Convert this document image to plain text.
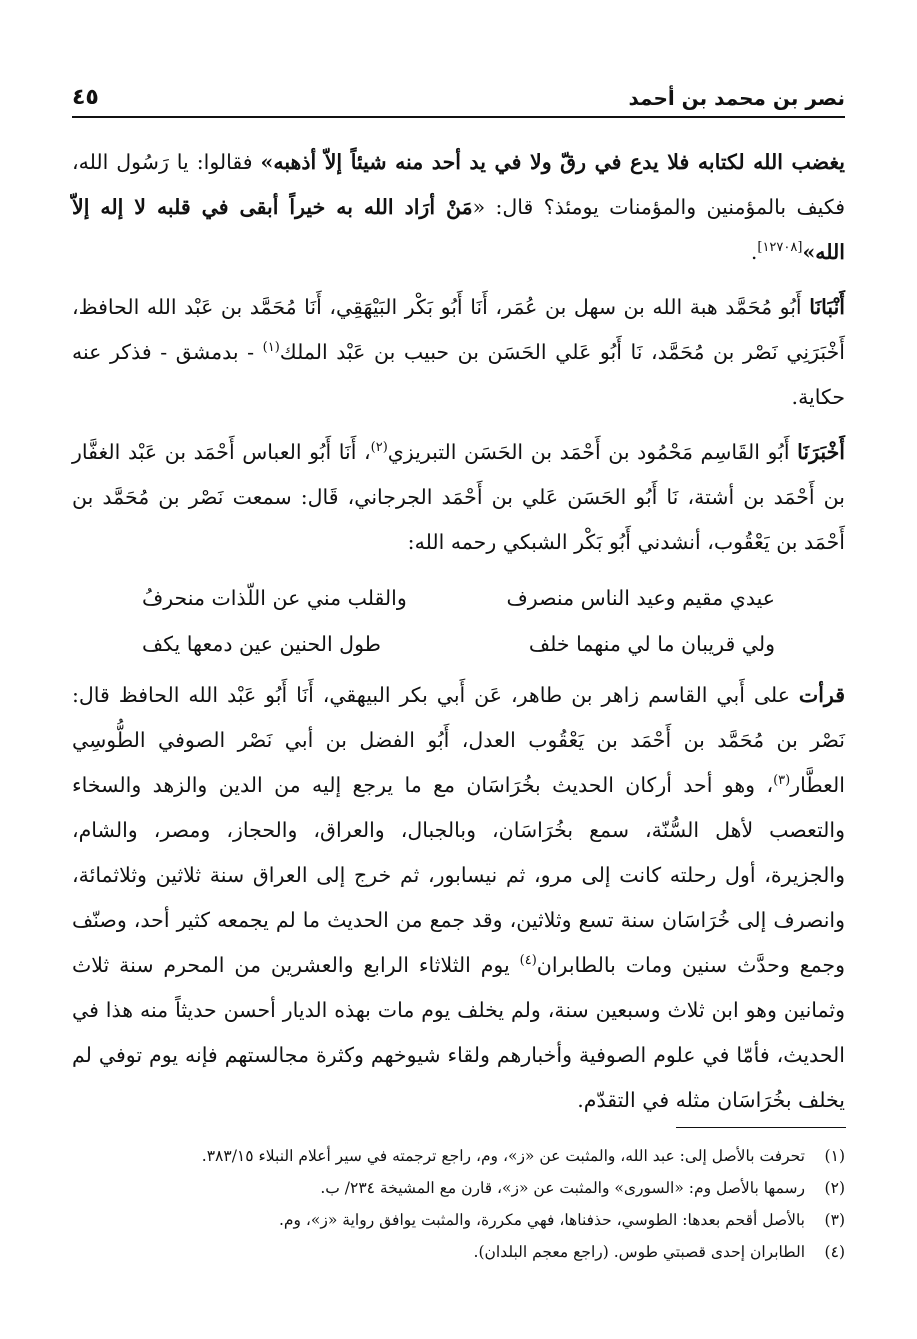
نصر بن محمد بن أحمد
٤٥

يغضب الله لكتابه فلا يدع في رقّ ولا في يد أحد منه شيئاً إلاّ أذهبه» فقالوا: يا رَسُول الله، فكيف بالمؤمنين والمؤمنات يومئذ؟ قال: «مَنْ أرَاد الله به خيراً أبقى في قلبه لا إله إلاّ الله»[١٢٧٠٨].

أَنْبَانَا أَبُو مُحَمَّد هبة الله بن سهل بن عُمَر، أَنَا أَبُو بَكْر البَيْهَقِي، أَنَا مُحَمَّد بن عَبْد الله الحافظ، أَخْبَرَنِي نَصْر بن مُحَمَّد، نَا أَبُو عَلي الحَسَن بن حبيب بن عَبْد الملك$^{(١)}$ - بدمشق - فذكر عنه حكاية.

أَخْبَرَنَا أَبُو القَاسِم مَحْمُود بن أَحْمَد بن الحَسَن التبريزي$^{(٢)}$، أَنَا أَبُو العباس أَحْمَد بن عَبْد الغفَّار بن أَحْمَد بن أشتة، نَا أَبُو الحَسَن عَلي بن أَحْمَد الجرجاني، قَال: سمعت نَصْر بن مُحَمَّد بن أَحْمَد بن يَعْقُوب، أنشدني أَبُو بَكْر الشبكي رحمه الله:

عيدي مقيم وعيد الناس منصرف
والقلب مني عن اللّذات منحرفُ
ولي قريبان ما لي منهما خلف
طول الحنين عين دمعها يكف

قرأت على أَبي القاسم زاهر بن طاهر، عَن أَبي بكر البيهقي، أَنَا أَبُو عَبْد الله الحافظ قال: نَصْر بن مُحَمَّد بن أَحْمَد بن يَعْقُوب العدل، أَبُو الفضل بن أبي نَصْر الصوفي الطُّوسِي العطَّار$^{(٣)}$، وهو أحد أركان الحديث بخُرَاسَان مع ما يرجع إليه من الدين والزهد والسخاء والتعصب لأهل السُّنّة، سمع بخُرَاسَان، وبالجبال، والعراق، والحجاز، ومصر، والشام، والجزيرة، أول رحلته كانت إلى مرو، ثم نيسابور، ثم خرج إلى العراق سنة ثلاثين وثلاثمائة، وانصرف إلى خُرَاسَان سنة تسع وثلاثين، وقد جمع من الحديث ما لم يجمعه كثير أحد، وصنّف وجمع وحدَّث سنين ومات بالطابران$^{(٤)}$ يوم الثلاثاء الرابع والعشرين من المحرم سنة ثلاث وثمانين وهو ابن ثلاث وسبعين سنة، ولم يخلف يوم مات بهذه الديار أحسن حديثاً منه هذا في الحديث، فأمّا في علوم الصوفية وأخبارهم ولقاء شيوخهم وكثرة مجالستهم فإنه يوم توفي لم يخلف بخُرَاسَان مثله في التقدّم.

(١)
تحرفت بالأصل إلى: عبد الله، والمثبت عن «ز»، وم، راجع ترجمته في سير أعلام النبلاء ٣٨٣/١٥.
(٢)
رسمها بالأصل وم: «السورى» والمثبت عن «ز»، قارن مع المشيخة ٢٣٤/ ب.
(٣)
بالأصل أقحم بعدها: الطوسي، حذفناها، فهي مكررة، والمثبت يوافق رواية «ز»، وم.
(٤)
الطابران إحدى قصبتي طوس. (راجع معجم البلدان).
